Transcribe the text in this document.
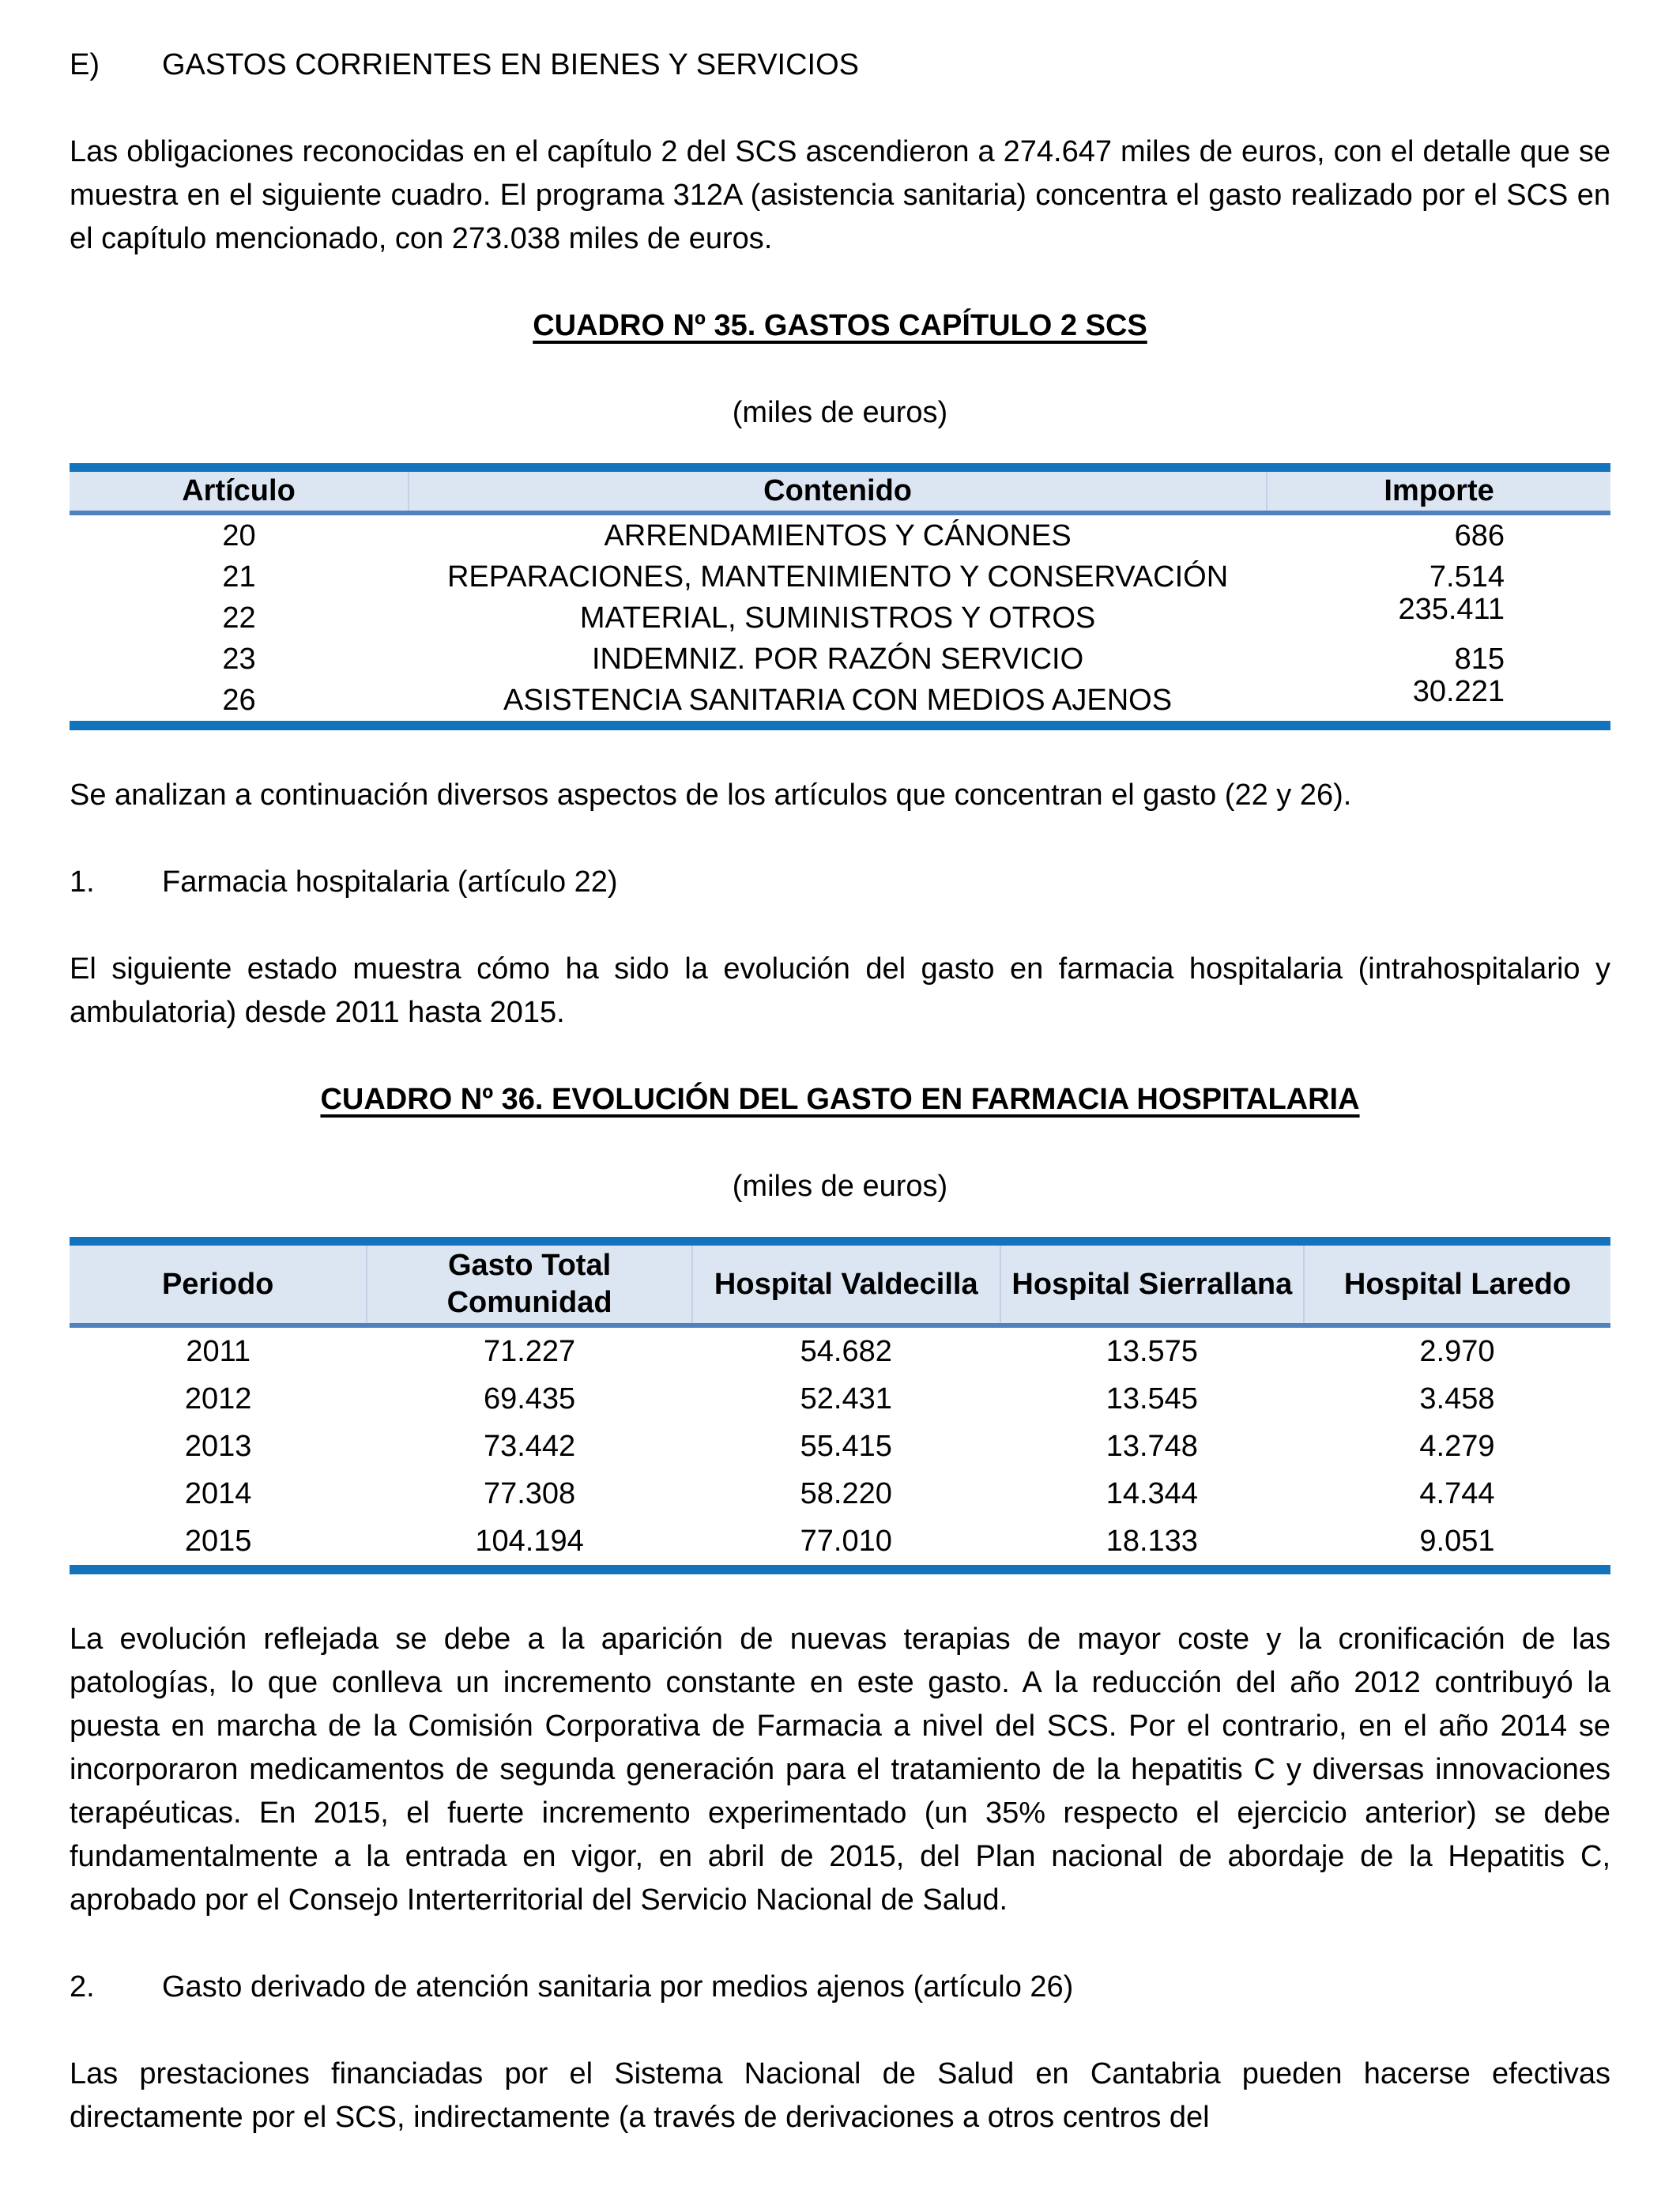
E)	GASTOS CORRIENTES EN BIENES Y SERVICIOS

Las obligaciones reconocidas en el capítulo 2 del SCS ascendieron a 274.647 miles de euros, con el detalle que se muestra en el siguiente cuadro. El programa 312A (asistencia sanitaria) concentra el gasto realizado por el SCS en el capítulo mencionado, con 273.038 miles de euros.

CUADRO Nº 35. GASTOS CAPÍTULO 2 SCS
(miles de euros)
Artículo	Contenido	Importe
20	ARRENDAMIENTOS Y CÁNONES	686
21	REPARACIONES, MANTENIMIENTO Y CONSERVACIÓN	7.514
22	MATERIAL, SUMINISTROS Y OTROS	235.411
23	INDEMNIZ. POR RAZÓN SERVICIO	815
26	ASISTENCIA SANITARIA CON MEDIOS AJENOS	30.221

Se analizan a continuación diversos aspectos de los artículos que concentran el gasto (22 y 26).

1.	Farmacia hospitalaria (artículo 22)

El siguiente estado muestra cómo ha sido la evolución del gasto en farmacia hospitalaria (intrahospitalario y ambulatoria) desde 2011 hasta 2015.

CUADRO Nº 36. EVOLUCIÓN DEL GASTO EN FARMACIA HOSPITALARIA
(miles de euros)
Periodo	Gasto Total Comunidad	Hospital Valdecilla	Hospital Sierrallana	Hospital Laredo
2011	71.227	54.682	13.575	2.970
2012	69.435	52.431	13.545	3.458
2013	73.442	55.415	13.748	4.279
2014	77.308	58.220	14.344	4.744
2015	104.194	77.010	18.133	9.051

La evolución reflejada se debe a la aparición de nuevas terapias de mayor coste y la cronificación de las patologías, lo que conlleva un incremento constante en este gasto. A la reducción del año 2012 contribuyó la puesta en marcha de la Comisión Corporativa de Farmacia a nivel del SCS. Por el contrario, en el año 2014 se incorporaron medicamentos de segunda generación para el tratamiento de la hepatitis C y diversas innovaciones terapéuticas. En 2015, el fuerte incremento experimentado (un 35% respecto el ejercicio anterior) se debe fundamentalmente a la entrada en vigor, en abril de 2015, del Plan nacional de abordaje de la Hepatitis C, aprobado por el Consejo Interterritorial del Servicio Nacional de Salud.

2.	Gasto derivado de atención sanitaria por medios ajenos (artículo 26)

Las prestaciones financiadas por el Sistema Nacional de Salud en Cantabria pueden hacerse efectivas directamente por el SCS, indirectamente (a través de derivaciones a otros centros del
